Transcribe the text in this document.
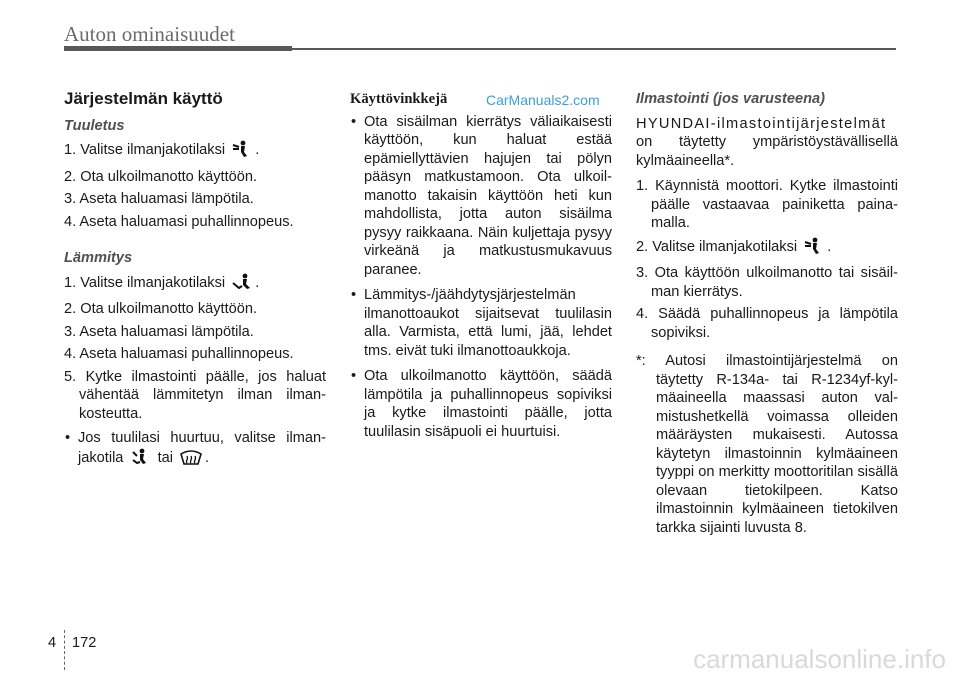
Auton ominaisuudet
CarManuals2.com
Järjestelmän käyttö
Tuuletus
1. Valitse ilmanjakotilaksi .
2. Ota ulkoilmanotto käyttöön.
3. Aseta haluamasi lämpötila.
4. Aseta haluamasi puhallinnopeus.
Lämmitys
1. Valitse ilmanjakotilaksi .
2. Ota ulkoilmanotto käyttöön.
3. Aseta haluamasi lämpötila.
4. Aseta haluamasi puhallinnopeus.
5. Kytke ilmastointi päälle, jos haluat vähentää lämmitetyn ilman ilmankosteutta.
• Jos tuulilasi huurtuu, valitse ilmanjakotila tai .
Käyttövinkkejä
• Ota sisäilman kierrätys väliaikaisesti käyttöön, kun haluat estää epämiellyttävien hajujen tai pölyn pääsyn matkustamoon. Ota ulkoilmanotto takaisin käyttöön heti kun mahdollista, jotta auton sisäilma pysyy raikkaana. Näin kuljettaja pysyy virkeänä ja matkustusmukavuus paranee.
• Lämmitys-/jäähdytysjärjestelmän ilmanottoaukot sijaitsevat tuulilasin alla. Varmista, että lumi, jää, lehdet tms. eivät tuki ilmanottoaukkoja.
• Ota ulkoilmanotto käyttöön, säädä lämpötila ja puhallinnopeus sopiviksi ja kytke ilmastointi päälle, jotta tuulilasin sisäpuoli ei huurtuisi.
Ilmastointi (jos varusteena)
HYUNDAI-ilmastointijärjestelmät
on täytetty ympäristöystävällisellä kylmäaineella*.
1. Käynnistä moottori. Kytke ilmastointi päälle vastaavaa painiketta painamalla.
2. Valitse ilmanjakotilaksi .
3. Ota käyttöön ulkoilmanotto tai sisäilman kierrätys.
4. Säädä puhallinnopeus ja lämpötila sopiviksi.
*: Autosi ilmastointijärjestelmä on täytetty R-134a- tai R-1234yf-kylmäaineella maassasi auton valmistushetkellä voimassa olleiden määräysten mukaisesti. Autossa käytetyn ilmastoinnin kylmäaineen tyyppi on merkitty moottoritilan sisällä olevaan tietokilpeen. Katso ilmastoinnin kylmäaineen tietokilven tarkka sijainti luvusta 8.
4 172
carmanualsonline.info
